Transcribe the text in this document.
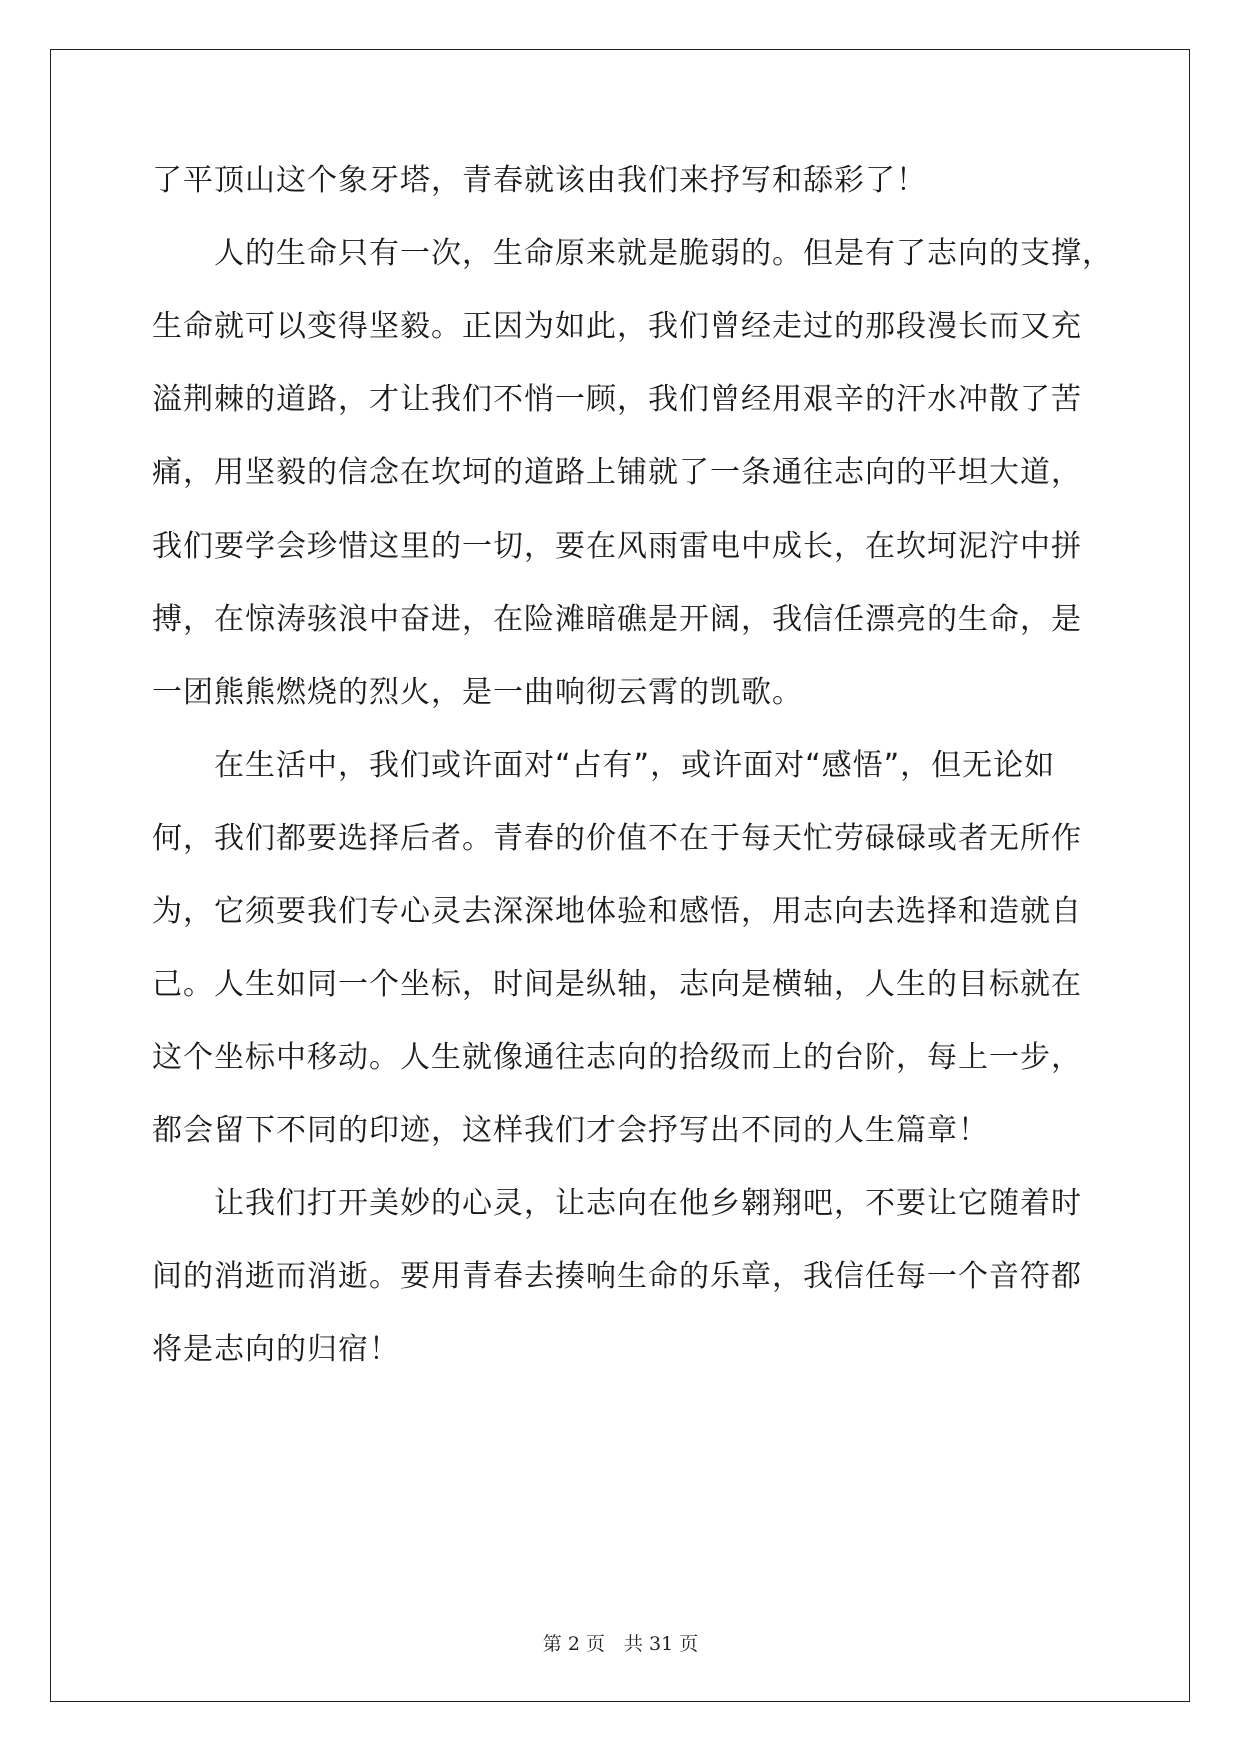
了平顶山这个象牙塔，青春就该由我们来抒写和舔彩了！
人的生命只有一次，生命原来就是脆弱的。但是有了志向的支撑，
生命就可以变得坚毅。正因为如此，我们曾经走过的那段漫长而又充
溢荆棘的道路，才让我们不悄一顾，我们曾经用艰辛的汗水冲散了苦
痛，用坚毅的信念在坎坷的道路上铺就了一条通往志向的平坦大道，
我们要学会珍惜这里的一切，要在风雨雷电中成长，在坎坷泥泞中拼
搏，在惊涛骇浪中奋进，在险滩暗礁是开阔，我信任漂亮的生命，是
一团熊熊燃烧的烈火，是一曲响彻云霄的凯歌。
在生活中，我们或许面对“占有”，或许面对“感悟”，但无论如
何，我们都要选择后者。青春的价值不在于每天忙劳碌碌或者无所作
为，它须要我们专心灵去深深地体验和感悟，用志向去选择和造就自
己。人生如同一个坐标，时间是纵轴，志向是横轴，人生的目标就在
这个坐标中移动。人生就像通往志向的拾级而上的台阶，每上一步，
都会留下不同的印迹，这样我们才会抒写出不同的人生篇章！
让我们打开美妙的心灵，让志向在他乡翱翔吧，不要让它随着时
间的消逝而消逝。要用青春去揍响生命的乐章，我信任每一个音符都
将是志向的归宿！
第 2 页　共 31 页
